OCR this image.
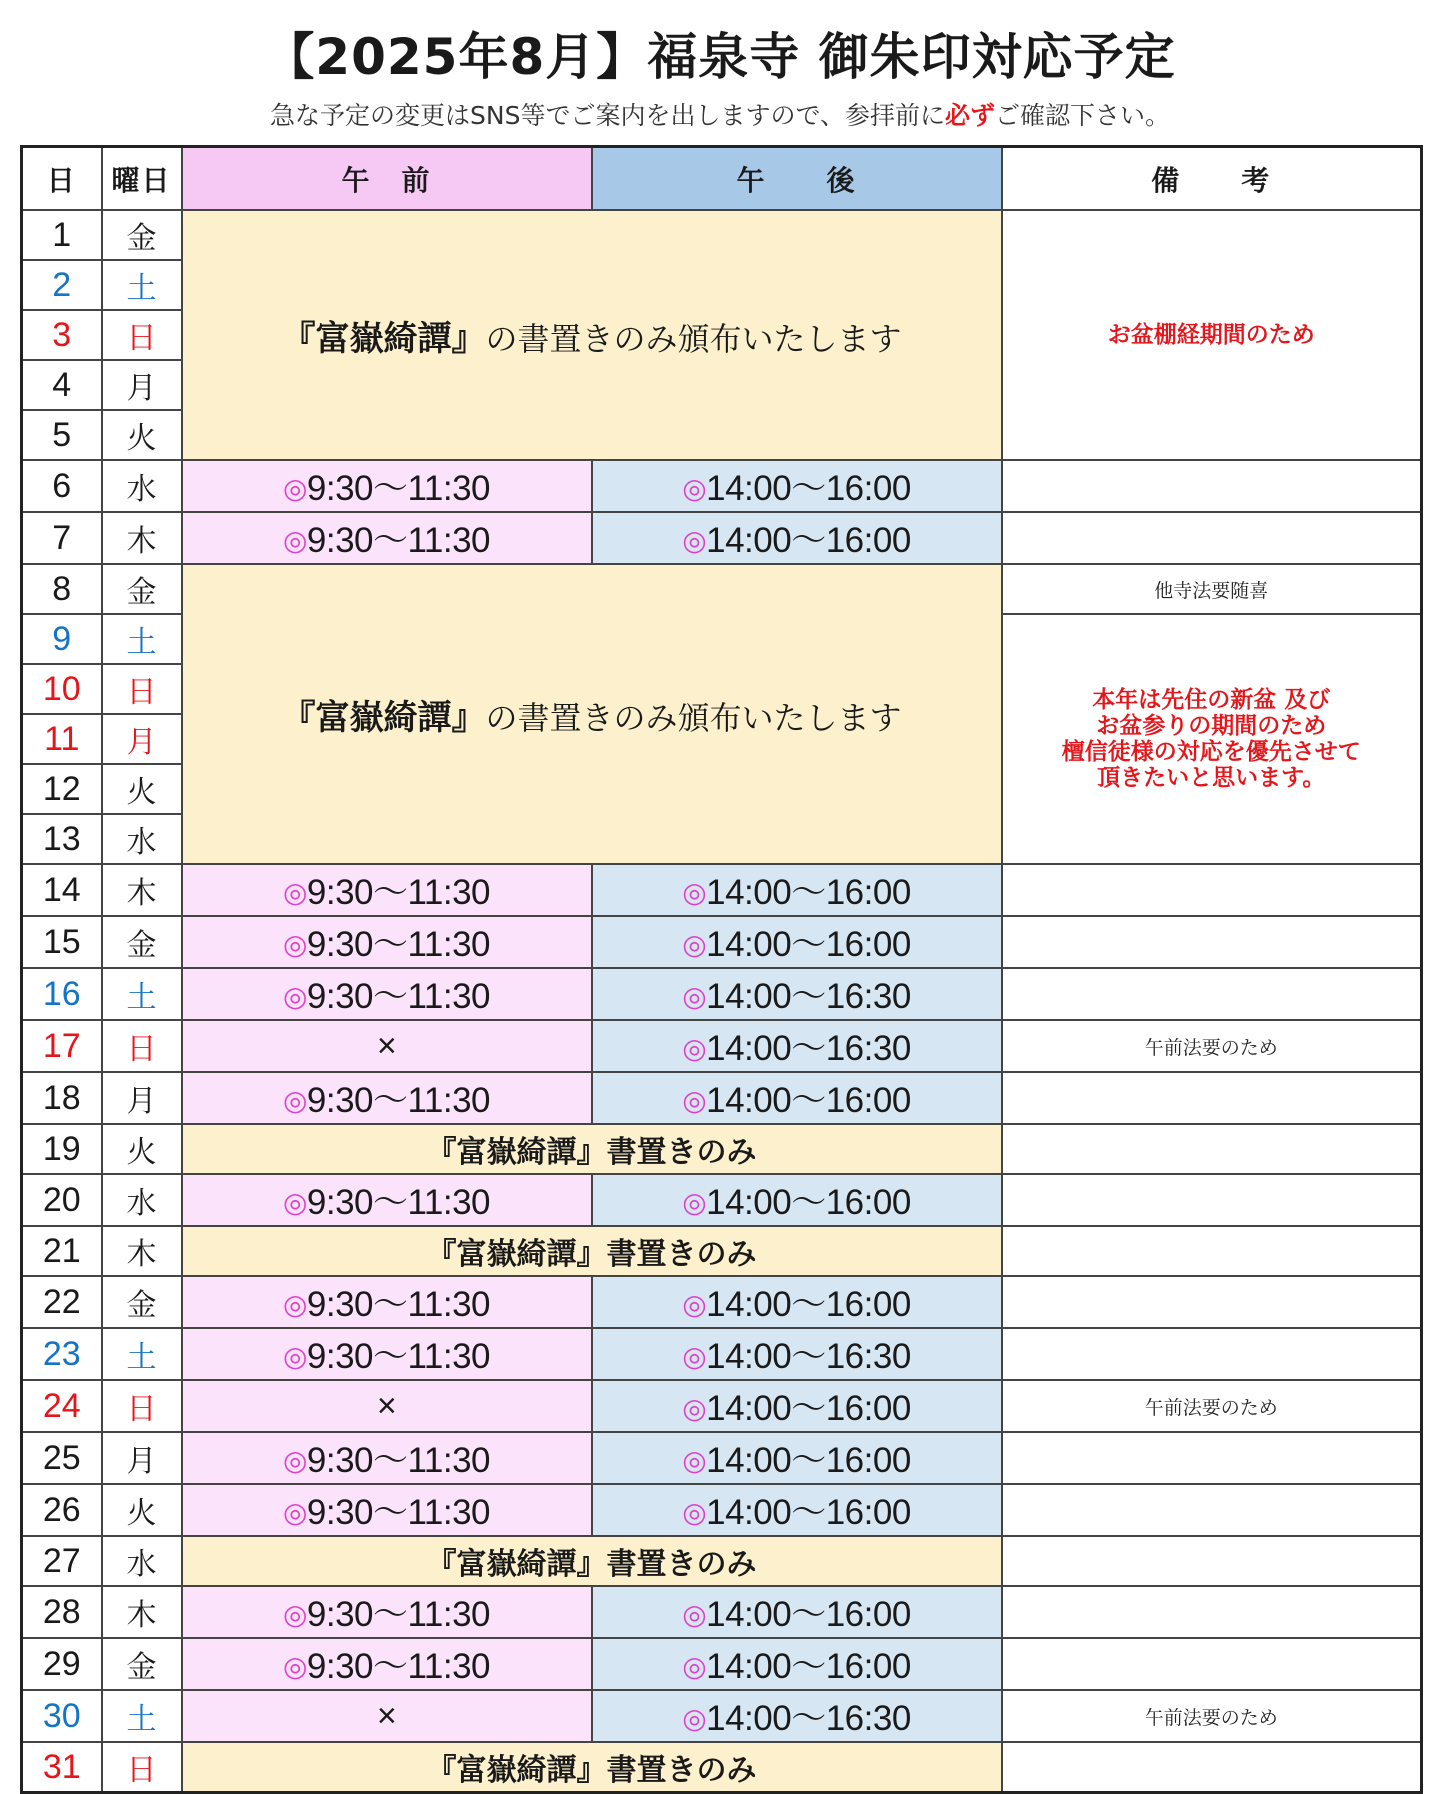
【2025年8月】福泉寺 御朱印対応予定
急な予定の変更はSNS等でご案内を出しますので、参拝前に必ずご確認下さい。
日	曜日	午　前	午　　後	備　　考
1	金	『富嶽綺譚』の書置きのみ頒布いたします		お盆棚経期間のため
2	土			
3	日			
4	月			
5	火			
6	水	◎9:30～11:30	◎14:00～16:00	
7	木	◎9:30～11:30	◎14:00～16:00	
8	金	『富嶽綺譚』の書置きのみ頒布いたします		他寺法要随喜
9	土			本年は先住の新盆 及び
お盆参りの期間のため
檀信徒様の対応を優先させて
頂きたいと思います。

10	日			
11	月			
12	火			
13	水			
14	木	◎9:30～11:30	◎14:00～16:00	
15	金	◎9:30～11:30	◎14:00～16:00	
16	土	◎9:30～11:30	◎14:00～16:30	
17	日	×	◎14:00～16:30	午前法要のため
18	月	◎9:30～11:30	◎14:00～16:00	
19	火	『富嶽綺譚』書置きのみ		
20	水	◎9:30～11:30	◎14:00～16:00	
21	木	『富嶽綺譚』書置きのみ		
22	金	◎9:30～11:30	◎14:00～16:00	
23	土	◎9:30～11:30	◎14:00～16:30	
24	日	×	◎14:00～16:00	午前法要のため
25	月	◎9:30～11:30	◎14:00～16:00	
26	火	◎9:30～11:30	◎14:00～16:00	
27	水	『富嶽綺譚』書置きのみ		
28	木	◎9:30～11:30	◎14:00～16:00	
29	金	◎9:30～11:30	◎14:00～16:00	
30	土	×	◎14:00～16:30	午前法要のため
31	日	『富嶽綺譚』書置きのみ		
